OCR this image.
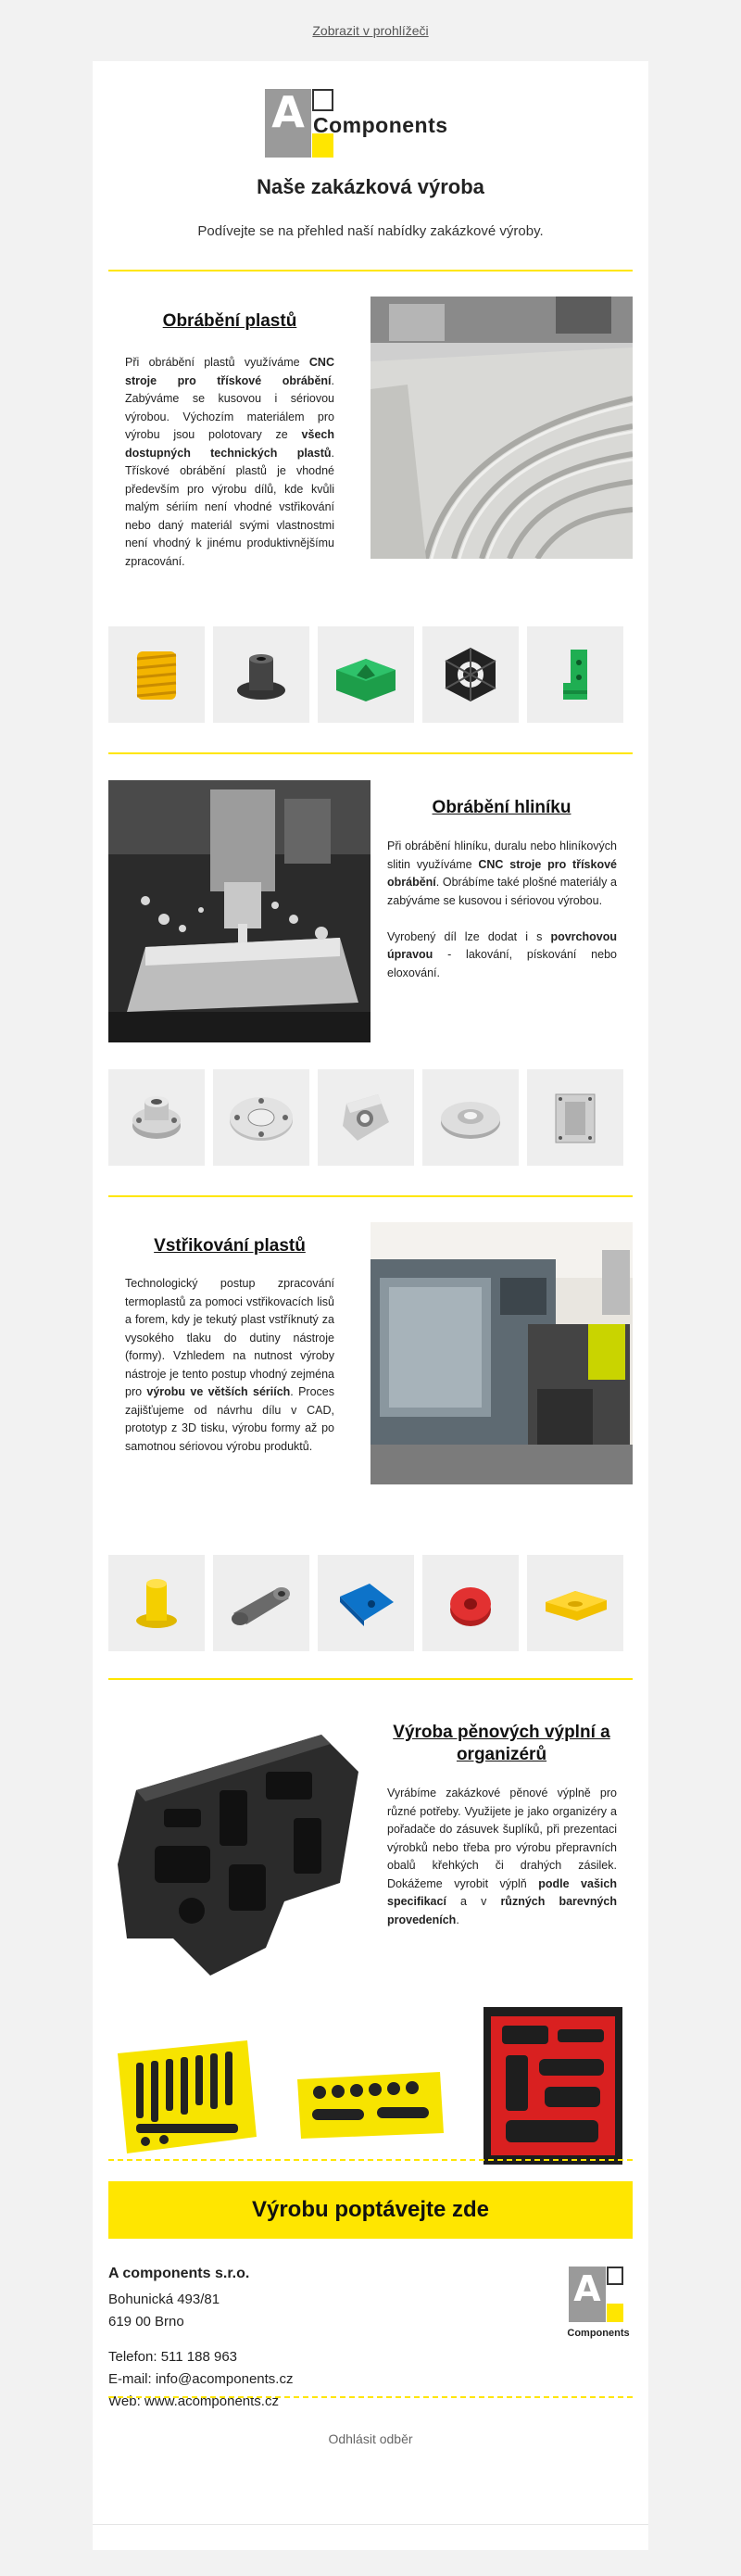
Zobrazit v prohlížeči
A Components
Naše zakázková výroba
Podívejte se na přehled naší nabídky zakázkové výroby.
Obrábění plastů
Při obrábění plastů využíváme CNC stroje pro třískové obrábění. Zabýváme se kusovou i sériovou výrobou. Výchozím materiálem pro výrobu jsou polotovary ze všech dostupných technických plastů. Třískové obrábění plastů je vhodné především pro výrobu dílů, kde kvůli malým sériím není vhodné vstřikování nebo daný materiál svými vlastnostmi není vhodný k jinému produktivnějšímu zpracování.
Obrábění hliníku
Při obrábění hliníku, duralu nebo hliníkových slitin využíváme CNC stroje pro třískové obrábění. Obrábíme také plošné materiály a zabýváme se kusovou i sériovou výrobou.

Vyrobený díl lze dodat i s povrchovou úpravou - lakování, pískování nebo eloxování.
Vstřikování plastů
Technologický postup zpracování termoplastů za pomoci vstřikovacích lisů a forem, kdy je tekutý plast vstříknutý za vysokého tlaku do dutiny nástroje (formy). Vzhledem na nutnost výroby nástroje je tento postup vhodný zejména pro výrobu ve větších sériích. Proces zajišťujeme od návrhu dílu v CAD, prototyp z 3D tisku, výrobu formy až po samotnou sériovou výrobu produktů.
Výroba pěnových výplní a organizérů
Vyrábíme zakázkové pěnové výplně pro různé potřeby. Využijete je jako organizéry a pořadače do zásuvek šuplíků, při prezentaci výrobků nebo třeba pro výrobu přepravních obalů křehkých či drahých zásilek. Dokážeme vyrobit výplň podle vašich specifikací a v různých barevných provedeních.
Výrobu poptávejte zde
A components s.r.o.
Bohunická 493/81
619 00 Brno
Telefon: 511 188 963
E-mail: info@acomponents.cz
Web: www.acomponents.cz
A
Components
Odhlásit odběr
